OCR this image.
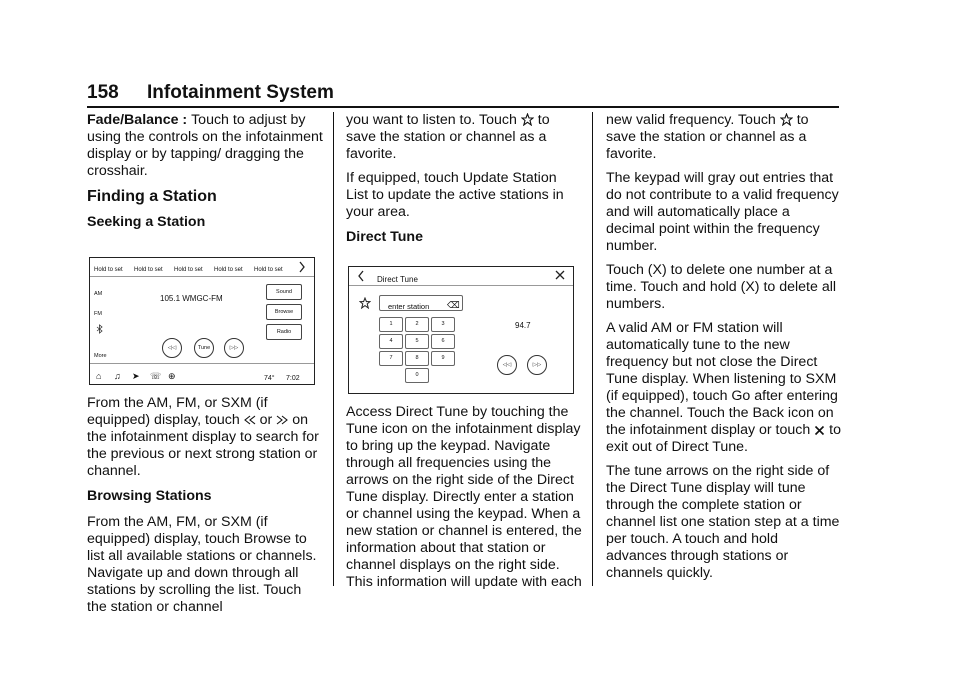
158 Infotainment System

Fade/Balance : Touch to adjust by using the controls on the infotainment display or by tapping/ dragging the crosshair.

Finding a Station
Seeking a Station
Hold to set Hold to set Hold to set Hold to set Hold to set
AM
FM
More
105.1 WMGC-FM
Sound
Browse
Radio
◁◁	Tune	▷▷
⌂ ♫ ➤ ☏ ⊕	74° 7:02

From the AM, FM, or SXM (if equipped) display, touch or on the infotainment display to search for the previous or next strong station or channel.

Browsing Stations

From the AM, FM, or SXM (if equipped) display, touch Browse to list all available stations or channels. Navigate up and down through all stations by scrolling the list. Touch the station or channel

you want to listen to. Touch to save the station or channel as a favorite.

If equipped, touch Update Station List to update the active stations in your area.

Direct Tune
Direct Tune
enter station ⌫
1	2	3
4	5	6
7	8	9
0
94.7
◁◁	▷▷

Access Direct Tune by touching the Tune icon on the infotainment display to bring up the keypad. Navigate through all frequencies using the arrows on the right side of the Direct Tune display. Directly enter a station or channel using the keypad. When a new station or channel is entered, the information about that station or channel displays on the right side. This information will update with each

new valid frequency. Touch to save the station or channel as a favorite.

The keypad will gray out entries that do not contribute to a valid frequency and will automatically place a decimal point within the frequency number.

Touch (X) to delete one number at a time. Touch and hold (X) to delete all numbers.

A valid AM or FM station will automatically tune to the new frequency but not close the Direct Tune display. When listening to SXM (if equipped), touch Go after entering the channel. Touch the Back icon on the infotainment display or touch to exit out of Direct Tune.

The tune arrows on the right side of the Direct Tune display will tune through the complete station or channel list one station step at a time per touch. A touch and hold advances through stations or channels quickly.
